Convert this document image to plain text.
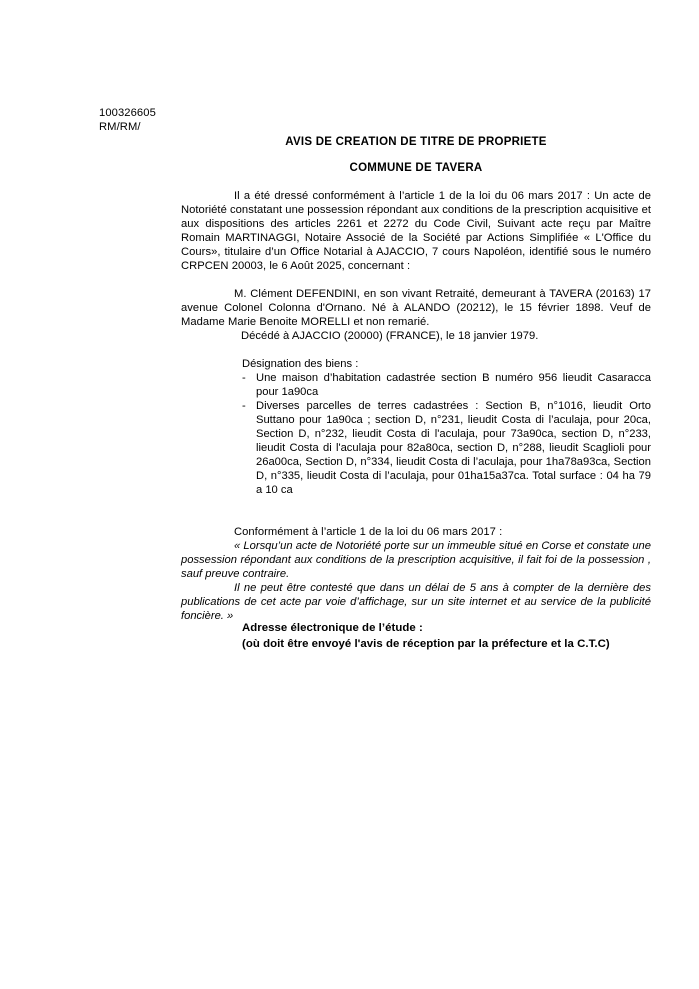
100326605
RM/RM/
AVIS DE CREATION DE TITRE DE PROPRIETE
COMMUNE DE TAVERA

Il a été dressé conformément à l’article 1 de la loi du 06 mars 2017 : Un acte de Notoriété constatant une possession répondant aux conditions de la prescription acquisitive et aux dispositions des articles 2261 et 2272 du Code Civil, Suivant acte reçu par Maître Romain MARTINAGGI, Notaire Associé de la Société par Actions Simplifiée « L'Office du Cours», titulaire d’un Office Notarial à AJACCIO, 7 cours Napoléon, identifié sous le numéro CRPCEN 20003, le 6 Août 2025, concernant :

M. Clément DEFENDINI, en son vivant Retraité, demeurant à TAVERA (20163) 17 avenue Colonel Colonna d'Ornano. Né à ALANDO (20212), le 15 février 1898. Veuf de Madame Marie Benoite MORELLI et non remarié.

Décédé à AJACCIO (20000) (FRANCE), le 18 janvier 1979.

Désignation des biens :

- Une maison d’habitation cadastrée section B numéro 956 lieudit Casaracca pour 1a90ca
- Diverses parcelles de terres cadastrées : Section B, n°1016, lieudit Orto Suttano pour 1a90ca ; section D, n°231, lieudit Costa di l’aculaja, pour 20ca, Section D, n°232, lieudit Costa di l'aculaja, pour 73a90ca, section D, n°233, lieudit Costa di l'aculaja pour 82a80ca, section D, n°288, lieudit Scaglioli pour 26a00ca, Section D, n°334, lieudit Costa di l’aculaja, pour 1ha78a93ca, Section D, n°335, lieudit Costa di l’aculaja, pour 01ha15a37ca. Total surface : 04 ha 79 a 10 ca

Conformément à l’article 1 de la loi du 06 mars 2017 :

« Lorsqu’un acte de Notoriété porte sur un immeuble situé en Corse et constate une possession répondant aux conditions de la prescription acquisitive, il fait foi de la possession , sauf preuve contraire.

Il ne peut être contesté que dans un délai de 5 ans à compter de la dernière des publications de cet acte par voie d’affichage, sur un site internet et au service de la publicité foncière. »

Adresse électronique de l’étude :
(où doit être envoyé l'avis de réception par la préfecture et la C.T.C)
